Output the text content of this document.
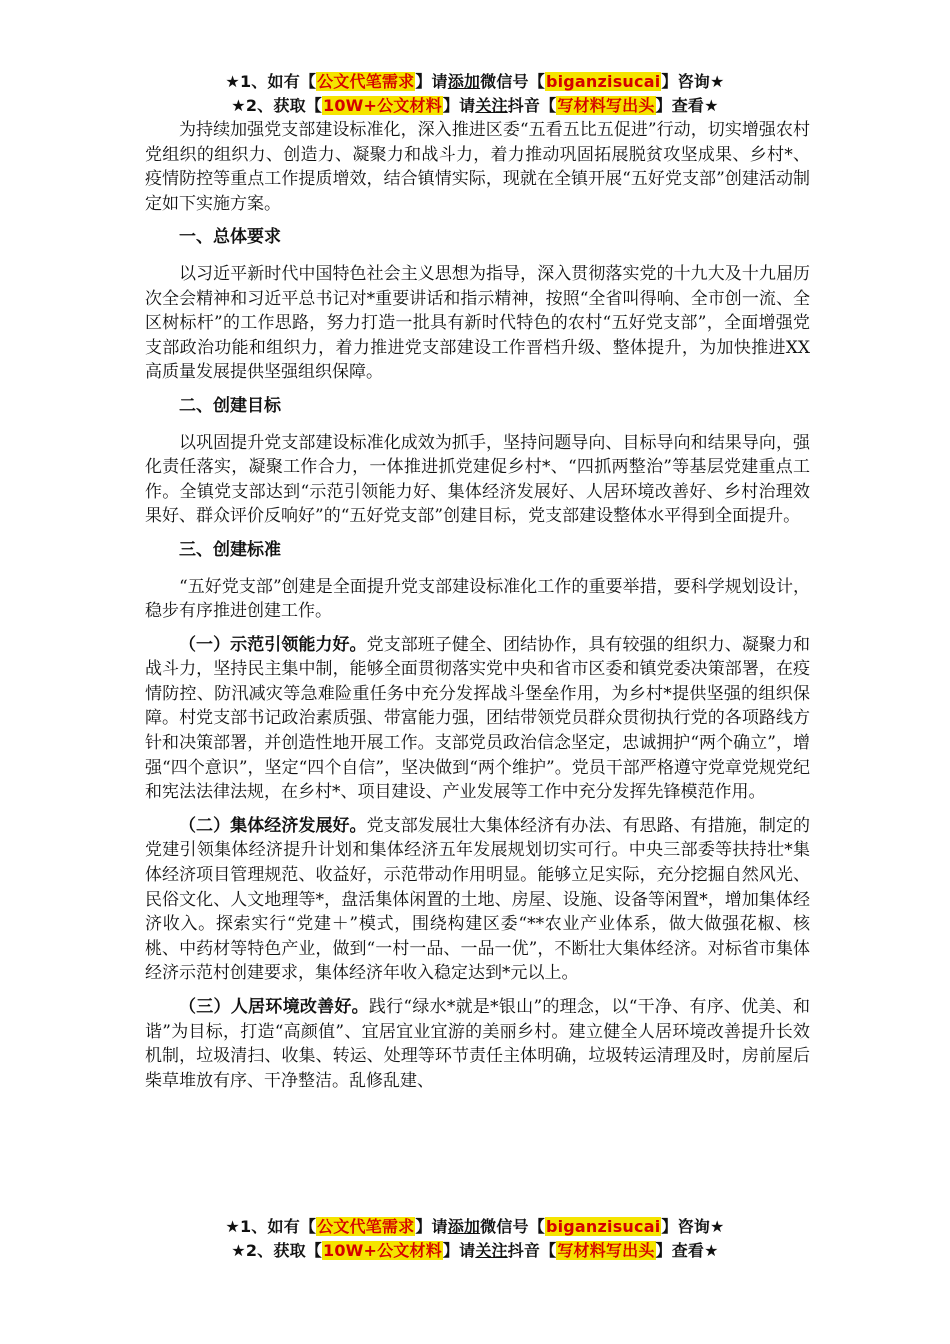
★1、如有【公文代笔需求】请添加微信号【biganzisucai】咨询★
★2、获取【10W+公文材料】请关注抖音【写材料写出头】查看★

为持续加强党支部建设标准化，深入推进区委“五看五比五促进”行动，切实增强农村党组织的组织力、创造力、凝聚力和战斗力，着力推动巩固拓展脱贫攻坚成果、乡村*、疫情防控等重点工作提质增效，结合镇情实际，现就在全镇开展“五好党支部”创建活动制定如下实施方案。

一、总体要求

以习近平新时代中国特色社会主义思想为指导，深入贯彻落实党的十九大及十九届历次全会精神和习近平总书记对*重要讲话和指示精神，按照“全省叫得响、全市创一流、全区树标杆”的工作思路，努力打造一批具有新时代特色的农村“五好党支部”，全面增强党支部政治功能和组织力，着力推进党支部建设工作晋档升级、整体提升，为加快推进XX高质量发展提供坚强组织保障。

二、创建目标

以巩固提升党支部建设标准化成效为抓手，坚持问题导向、目标导向和结果导向，强化责任落实，凝聚工作合力，一体推进抓党建促乡村*、“四抓两整治”等基层党建重点工作。全镇党支部达到“示范引领能力好、集体经济发展好、人居环境改善好、乡村治理效果好、群众评价反响好”的“五好党支部”创建目标，党支部建设整体水平得到全面提升。

三、创建标准

“五好党支部”创建是全面提升党支部建设标准化工作的重要举措，要科学规划设计，稳步有序推进创建工作。

（一）示范引领能力好。党支部班子健全、团结协作，具有较强的组织力、凝聚力和战斗力，坚持民主集中制，能够全面贯彻落实党中央和省市区委和镇党委决策部署，在疫情防控、防汛减灾等急难险重任务中充分发挥战斗堡垒作用，为乡村*提供坚强的组织保障。村党支部书记政治素质强、带富能力强，团结带领党员群众贯彻执行党的各项路线方针和决策部署，并创造性地开展工作。支部党员政治信念坚定，忠诚拥护“两个确立”，增强“四个意识”，坚定“四个自信”，坚决做到“两个维护”。党员干部严格遵守党章党规党纪和宪法法律法规，在乡村*、项目建设、产业发展等工作中充分发挥先锋模范作用。

（二）集体经济发展好。党支部发展壮大集体经济有办法、有思路、有措施，制定的党建引领集体经济提升计划和集体经济五年发展规划切实可行。中央三部委等扶持壮*集体经济项目管理规范、收益好，示范带动作用明显。能够立足实际，充分挖掘自然风光、民俗文化、人文地理等*，盘活集体闲置的土地、房屋、设施、设备等闲置*，增加集体经济收入。探索实行“党建＋”模式，围绕构建区委“**农业产业体系，做大做强花椒、核桃、中药材等特色产业，做到“一村一品、一品一优”，不断壮大集体经济。对标省市集体经济示范村创建要求，集体经济年收入稳定达到*元以上。

（三）人居环境改善好。践行“绿水*就是*银山”的理念，以“干净、有序、优美、和谐”为目标，打造“高颜值”、宜居宜业宜游的美丽乡村。建立健全人居环境改善提升长效机制，垃圾清扫、收集、转运、处理等环节责任主体明确，垃圾转运清理及时，房前屋后柴草堆放有序、干净整洁。乱修乱建、

★1、如有【公文代笔需求】请添加微信号【biganzisucai】咨询★
★2、获取【10W+公文材料】请关注抖音【写材料写出头】查看★
